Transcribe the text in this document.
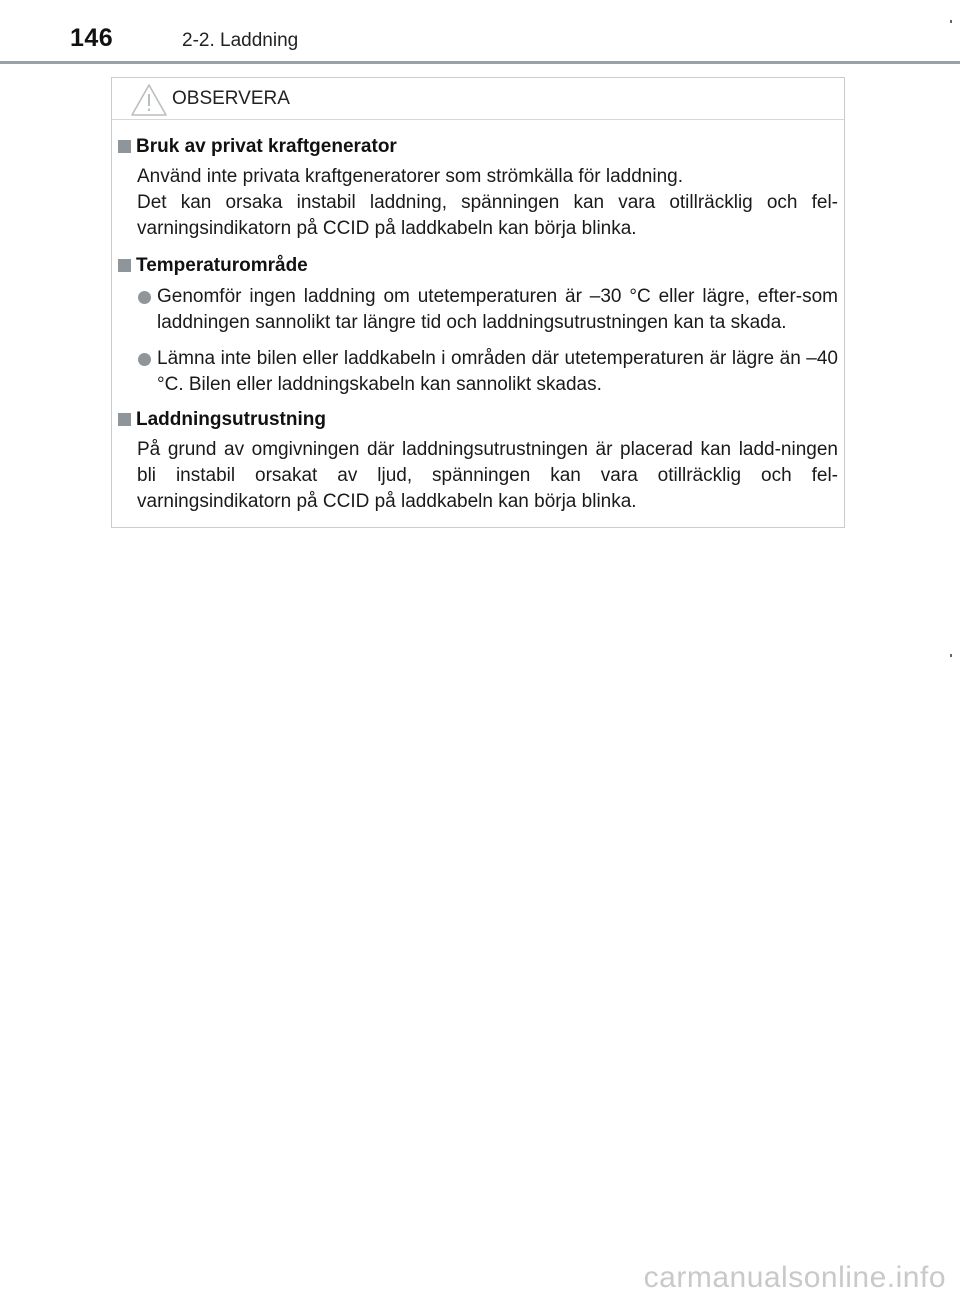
146	2-2. Laddning
OBSERVERA
Bruk av privat kraftgenerator
Använd inte privata kraftgeneratorer som strömkälla för laddning.
Det kan orsaka instabil laddning, spänningen kan vara otillräcklig och fel-varningsindikatorn på CCID på laddkabeln kan börja blinka.
Temperaturområde
Genomför ingen laddning om utetemperaturen är –30 °C eller lägre, efter-som laddningen sannolikt tar längre tid och laddningsutrustningen kan ta skada.
Lämna inte bilen eller laddkabeln i områden där utetemperaturen är lägre än –40 °C. Bilen eller laddningskabeln kan sannolikt skadas.
Laddningsutrustning
På grund av omgivningen där laddningsutrustningen är placerad kan ladd-ningen bli instabil orsakat av ljud, spänningen kan vara otillräcklig och fel-varningsindikatorn på CCID på laddkabeln kan börja blinka.
carmanualsonline.info
